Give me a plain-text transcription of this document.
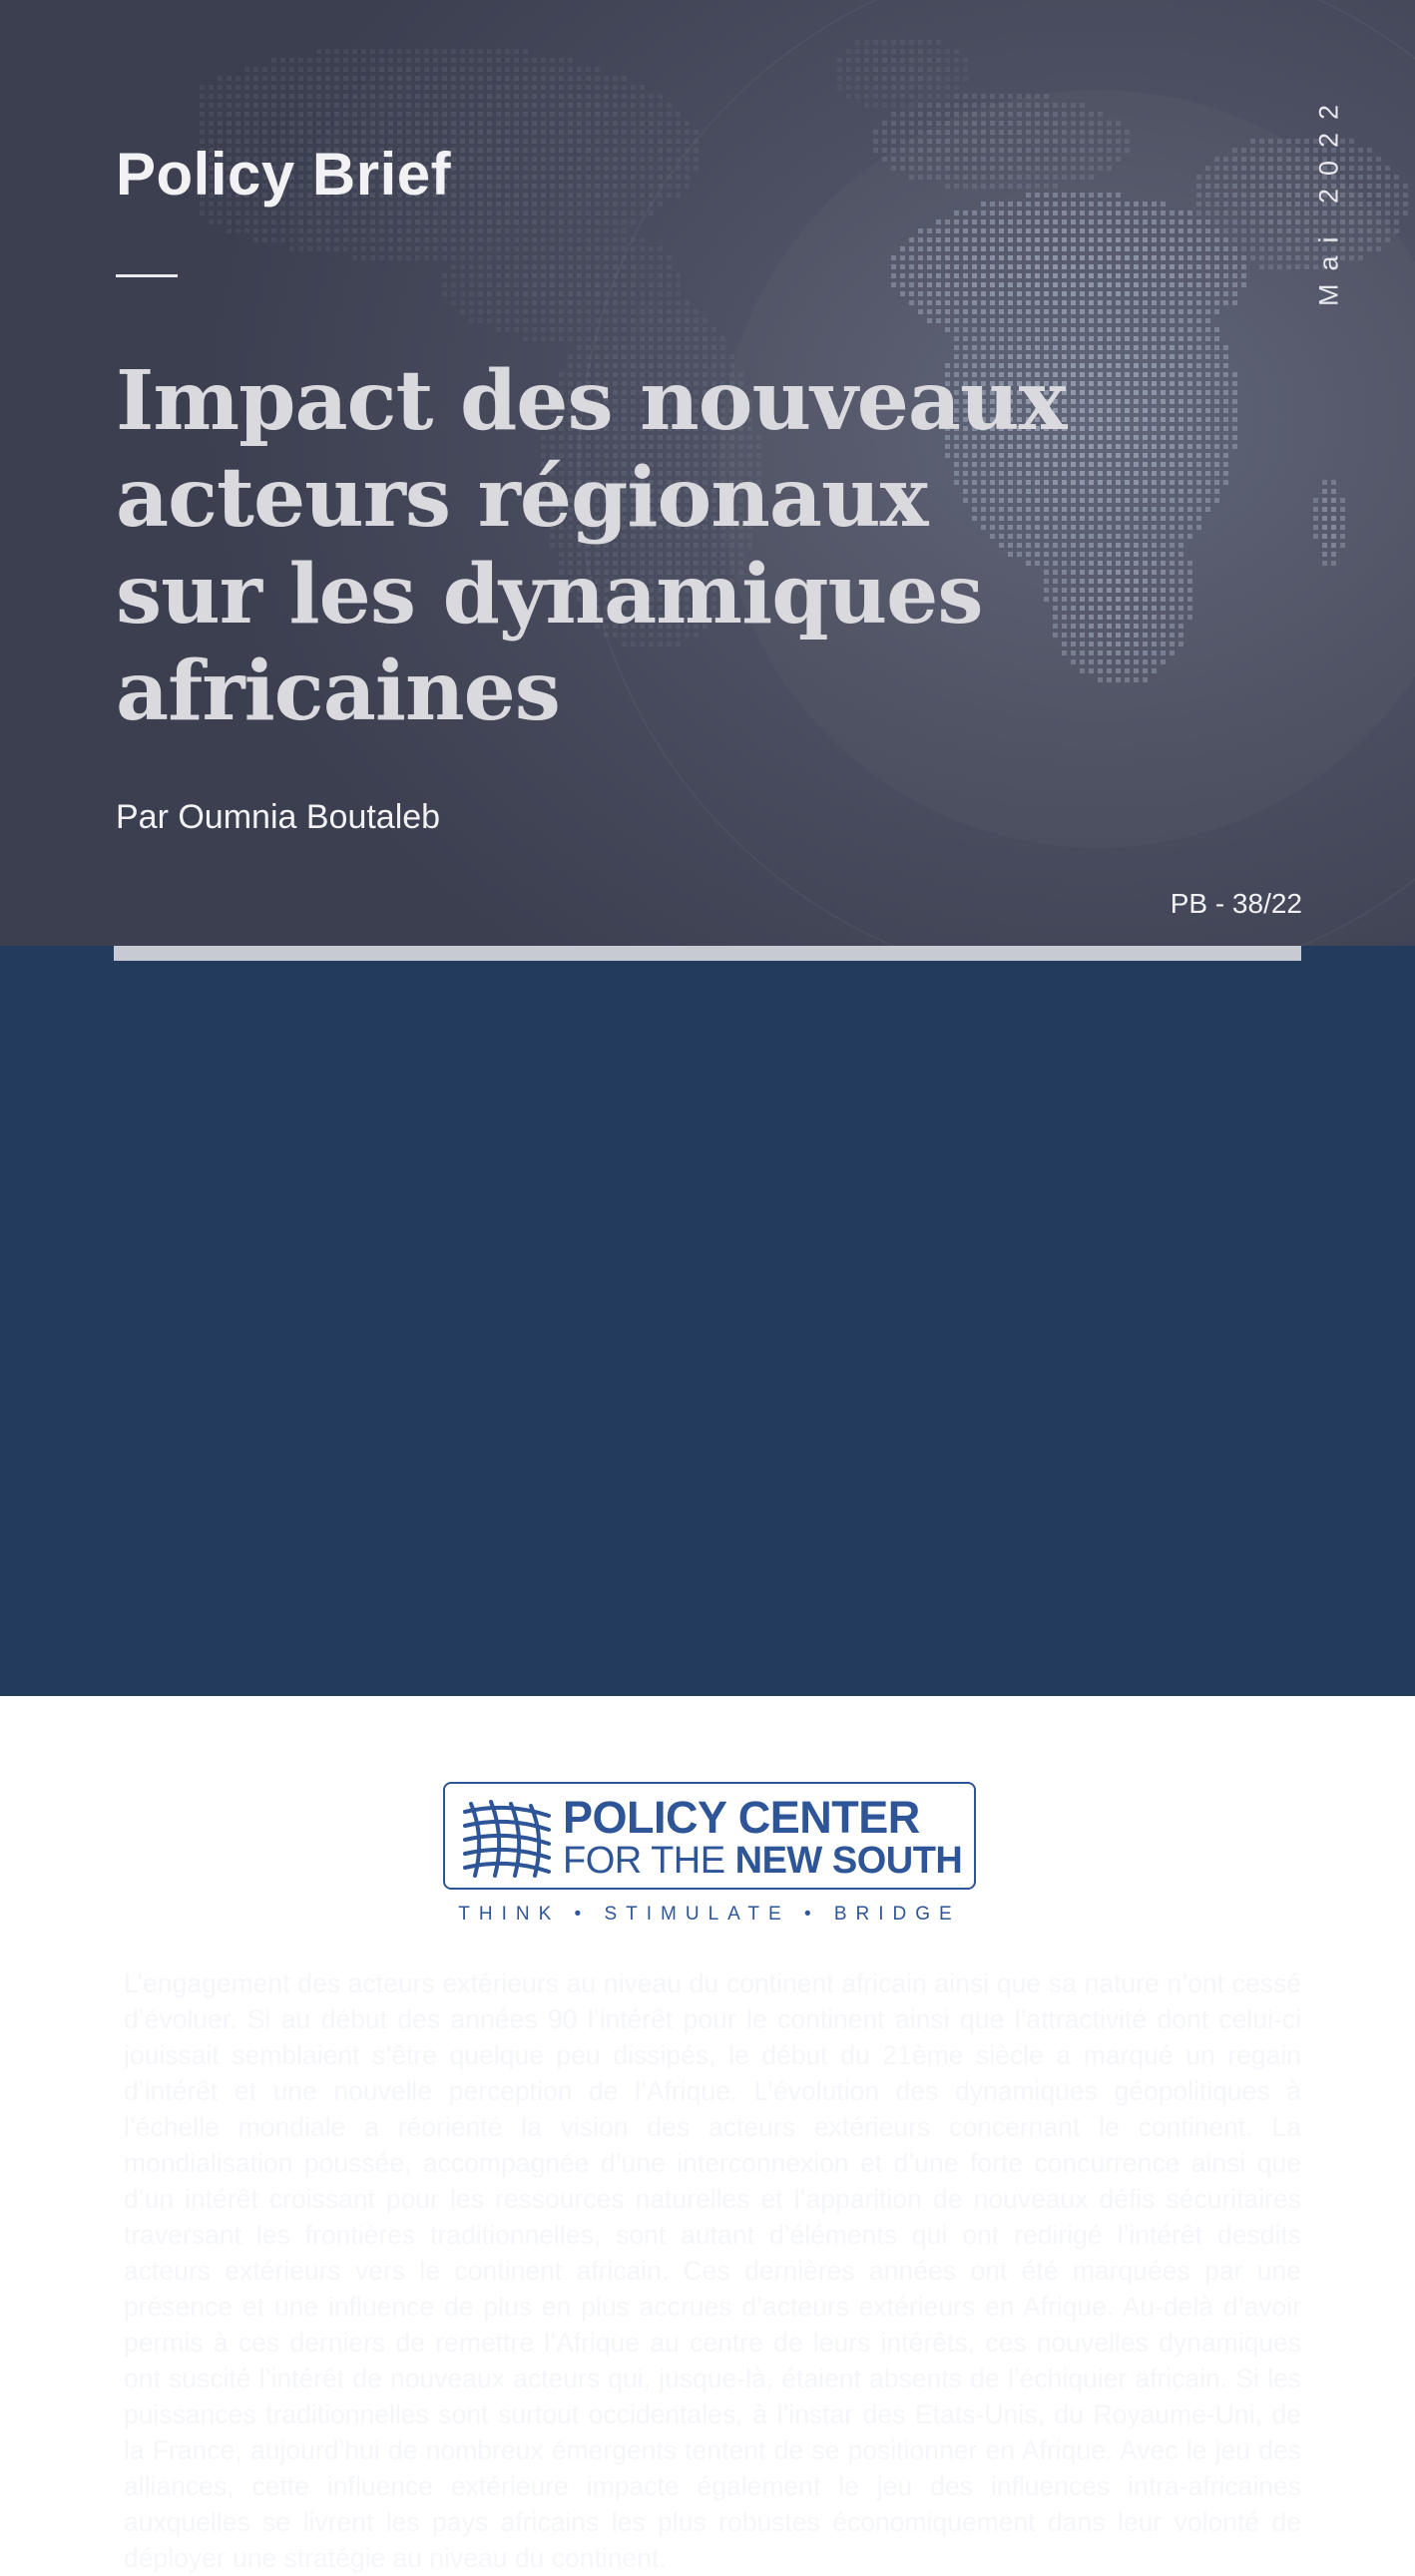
Policy Brief
Impact des nouveaux acteurs régionaux sur les dynamiques africaines
Par Oumnia Boutaleb
Mai 2022
PB - 38/22

L’engagement des acteurs extérieurs au niveau du continent africain ainsi que sa nature n’ont cessé d’évoluer. Si au début des années 90 l’intérêt pour le continent ainsi que l’attractivité dont celui-ci jouissait semblaient s’être quelque peu dissipés, le début du 21ème siècle a marqué un regain d’intérêt et une nouvelle perception de l’Afrique. L’évolution des dynamiques géopolitiques à l’échelle mondiale a réorienté la vision des acteurs extérieurs concernant le continent. La mondialisation poussée, accompagnée d’une interconnexion et d’une forte concurrence ainsi que d’un intérêt croissant pour les ressources naturelles et l’apparition de nouveaux défis sécuritaires traversant les frontières traditionnelles, sont autant d’éléments qui ont redirigé l’intérêt desdits acteurs extérieurs vers le continent africain. Ces dernières années ont été marquées par une présence et une influence de plus en plus accrues d’acteurs extérieurs en Afrique. Au-delà d’avoir permis à ces derniers de remettre l’Afrique au centre de leurs intérêts, ces nouvelles dynamiques ont suscité l’intérêt de nouveaux acteurs qui, jusque-là, étaient absents de l’échiquier africain. Si les puissances traditionnelles sont surtout occidentales, à l’instar des Etats-Unis, du Royaume-Uni, de la France, aujourd’hui de nombreux émergents tentent de se positionner en Afrique. Avec le jeu des alliances, cette influence extérieure impacte également le jeu des influences intra-africaines auxquelles se livrent les pays africains les plus robustes économiquement dans leur volonté de déployer une stratégie au niveau du continent.

POLICY CENTER
FOR THE NEW SOUTH
THINK • STIMULATE • BRIDGE
